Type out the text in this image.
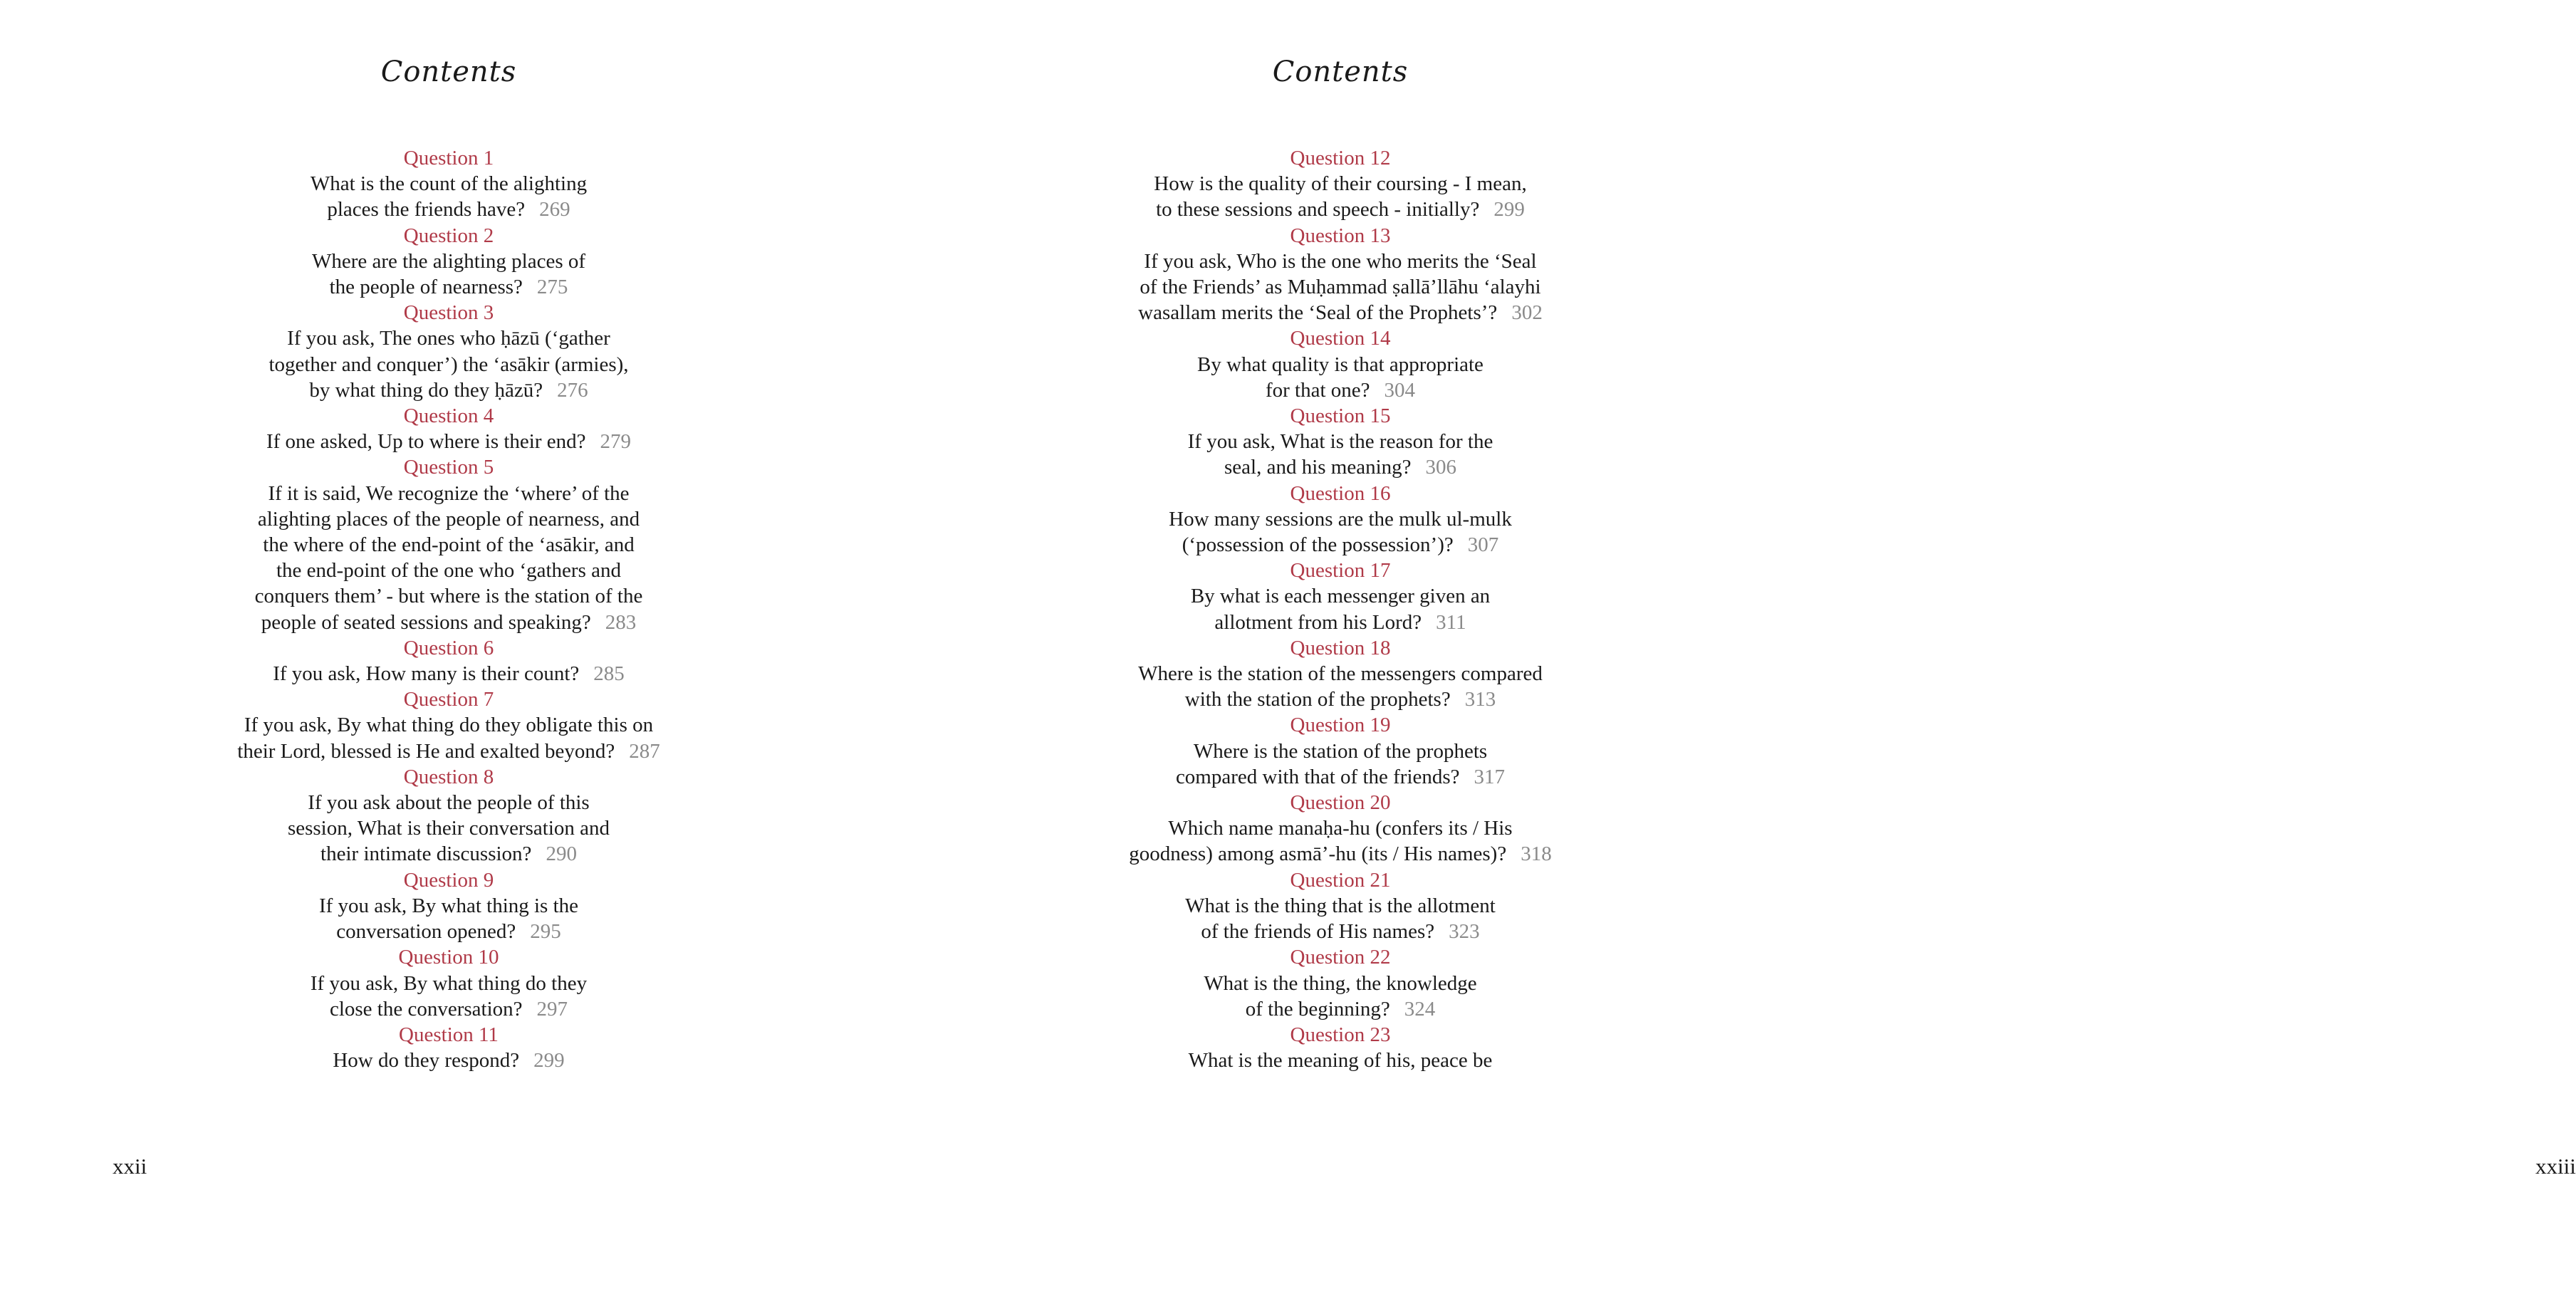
Contents
Question 1
What is the count of the alighting
places the friends have? 269
Question 2
Where are the alighting places of
the people of nearness? 275
Question 3
If you ask, The ones who ḥāzū (‘gather
together and conquer’) the ‘asākir (armies),
by what thing do they ḥāzū? 276
Question 4
If one asked, Up to where is their end? 279
Question 5
If it is said, We recognize the ‘where’ of the
alighting places of the people of nearness, and
the where of the end-point of the ‘asākir, and
the end-point of the one who ‘gathers and
conquers them’ - but where is the station of the
people of seated sessions and speaking? 283
Question 6
If you ask, How many is their count? 285
Question 7
If you ask, By what thing do they obligate this on
their Lord, blessed is He and exalted beyond? 287
Question 8
If you ask about the people of this
session, What is their conversation and
their intimate discussion? 290
Question 9
If you ask, By what thing is the
conversation opened? 295
Question 10
If you ask, By what thing do they
close the conversation? 297
Question 11
How do they respond? 299
xxii
Contents
Question 12
How is the quality of their coursing - I mean,
to these sessions and speech - initially? 299
Question 13
If you ask, Who is the one who merits the ‘Seal
of the Friends’ as Muḥammad ṣallā’llāhu ‘alayhi
wasallam merits the ‘Seal of the Prophets’? 302
Question 14
By what quality is that appropriate
for that one? 304
Question 15
If you ask, What is the reason for the
seal, and his meaning? 306
Question 16
How many sessions are the mulk ul-mulk
(‘possession of the possession’)? 307
Question 17
By what is each messenger given an
allotment from his Lord? 311
Question 18
Where is the station of the messengers compared
with the station of the prophets? 313
Question 19
Where is the station of the prophets
compared with that of the friends? 317
Question 20
Which name manaḥa-hu (confers its / His
goodness) among asmā’-hu (its / His names)? 318
Question 21
What is the thing that is the allotment
of the friends of His names? 323
Question 22
What is the thing, the knowledge
of the beginning? 324
Question 23
What is the meaning of his, peace be
xxiii
